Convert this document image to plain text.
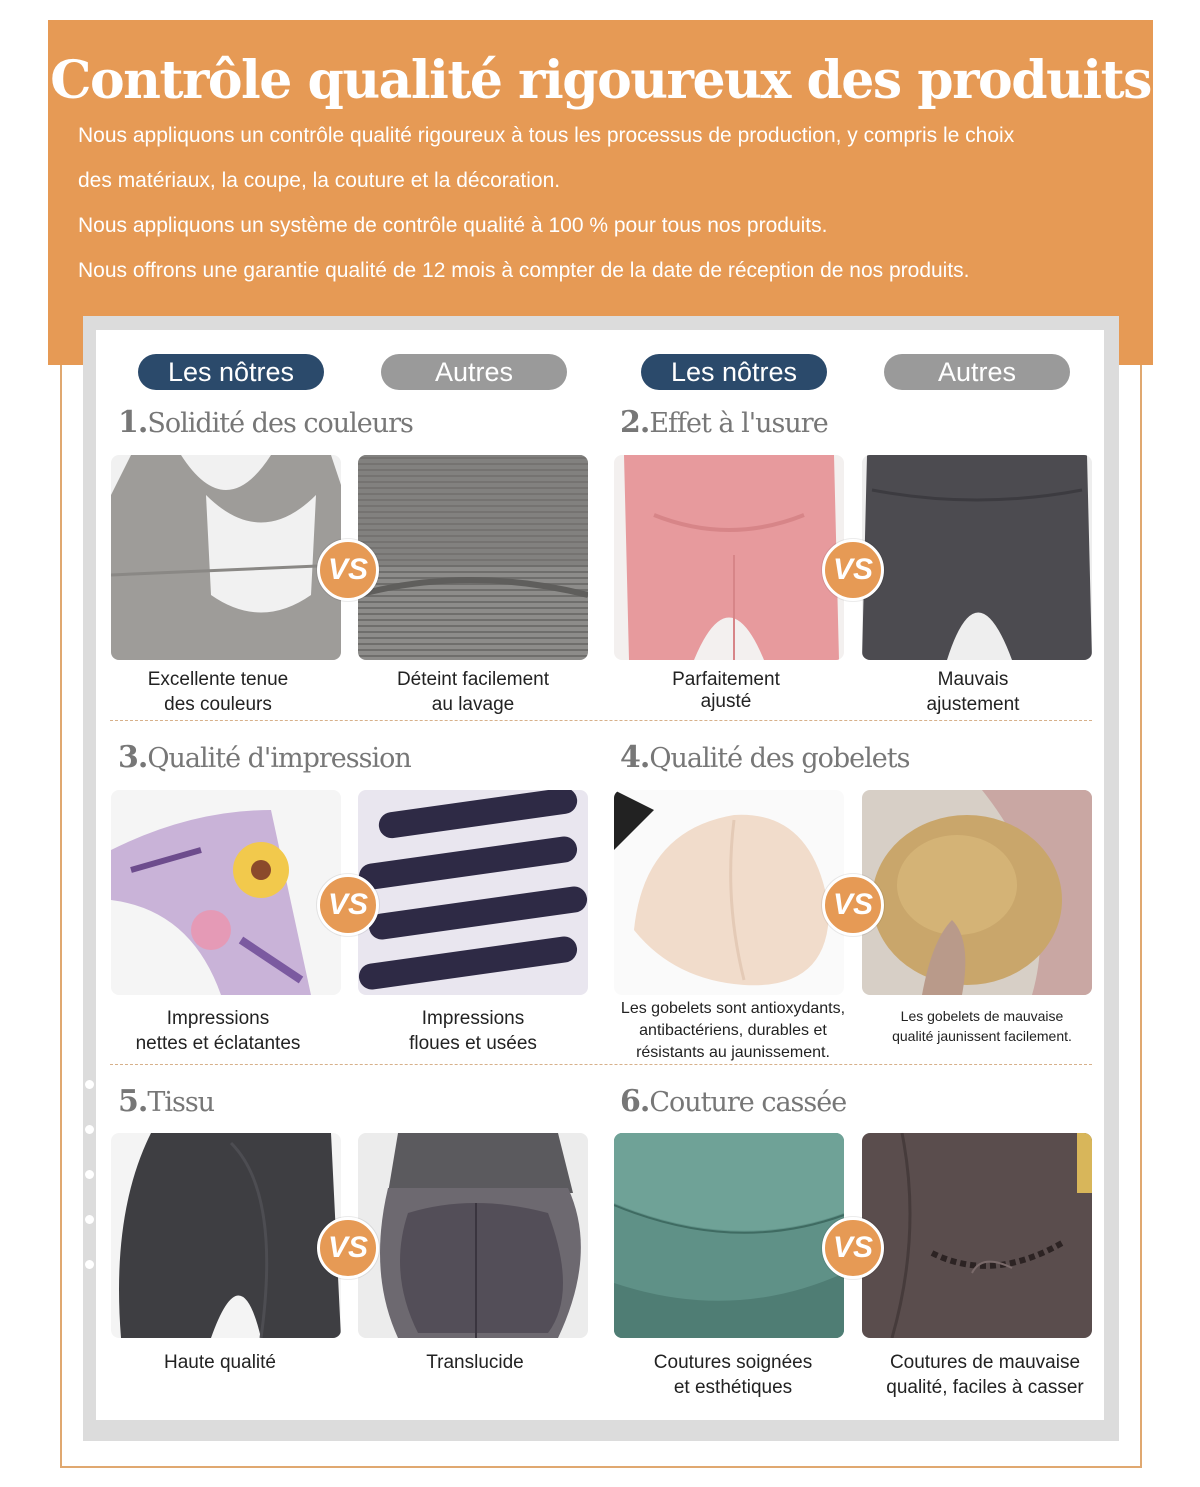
Contrôle qualité rigoureux des produits
Nous appliquons un contrôle qualité rigoureux à tous les processus de production, y compris le choix
des matériaux, la coupe, la couture et la décoration.
Nous appliquons un système de contrôle qualité à 100 % pour tous nos produits.
Nous offrons une garantie qualité de 12 mois à compter de la date de réception de nos produits.
Les nôtres	Autres	Les nôtres	Autres
1.Solidité des couleurs
VS
Excellente tenue
des couleurs
Déteint facilement
au lavage
2.Effet à l'usure
VS
Parfaitement
ajusté
Mauvais
ajustement
3.Qualité d'impression
VS
Impressions
nettes et éclatantes
Impressions
floues et usées
4.Qualité des gobelets
VS
Les gobelets sont antioxydants,
antibactériens, durables et
résistants au jaunissement.
Les gobelets de mauvaise
qualité jaunissent facilement.
5.Tissu
VS
Haute qualité	Translucide
6.Couture cassée
VS
Coutures soignées
et esthétiques
Coutures de mauvaise
qualité, faciles à casser
